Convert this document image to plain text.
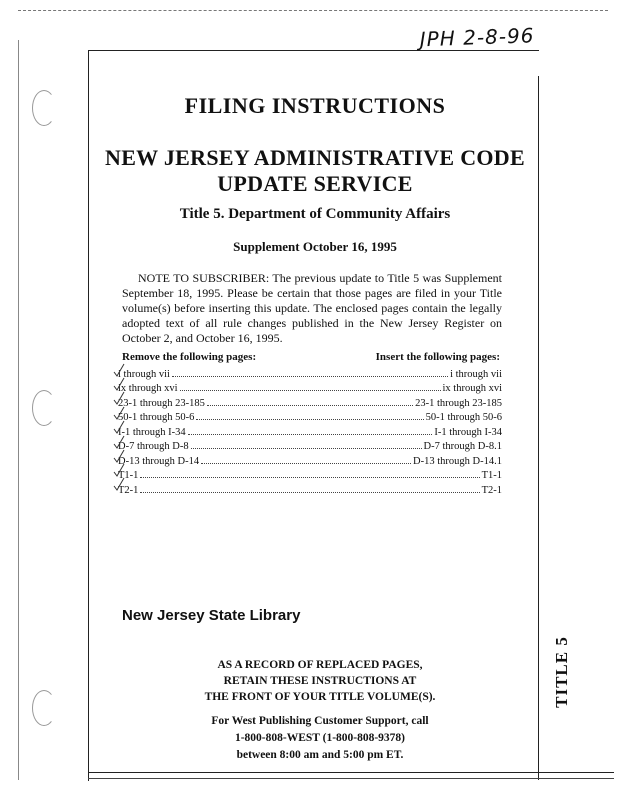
JPH 2-8-96
FILING INSTRUCTIONS
NEW JERSEY ADMINISTRATIVE CODE
UPDATE SERVICE
Title 5. Department of Community Affairs
Supplement October 16, 1995
NOTE TO SUBSCRIBER: The previous update to Title 5 was Supplement September 18, 1995. Please be certain that those pages are filed in your Title volume(s) before inserting this update. The enclosed pages contain the legally adopted text of all rule changes published in the New Jersey Register on October 2, and October 16, 1995.
Remove the following pages:	Insert the following pages:
i through vii	i through vii
ix through xvi	ix through xvi
23-1 through 23-185	23-1 through 23-185
50-1 through 50-6	50-1 through 50-6
I-1 through I-34	I-1 through I-34
D-7 through D-8	D-7 through D-8.1
D-13 through D-14	D-13 through D-14.1
T1-1	T1-1
T2-1	T2-1
New Jersey State Library
AS A RECORD OF REPLACED PAGES,
RETAIN THESE INSTRUCTIONS AT
THE FRONT OF YOUR TITLE VOLUME(S).
For West Publishing Customer Support, call
1-800-808-WEST (1-800-808-9378)
between 8:00 am and 5:00 pm ET.
TITLE 5
